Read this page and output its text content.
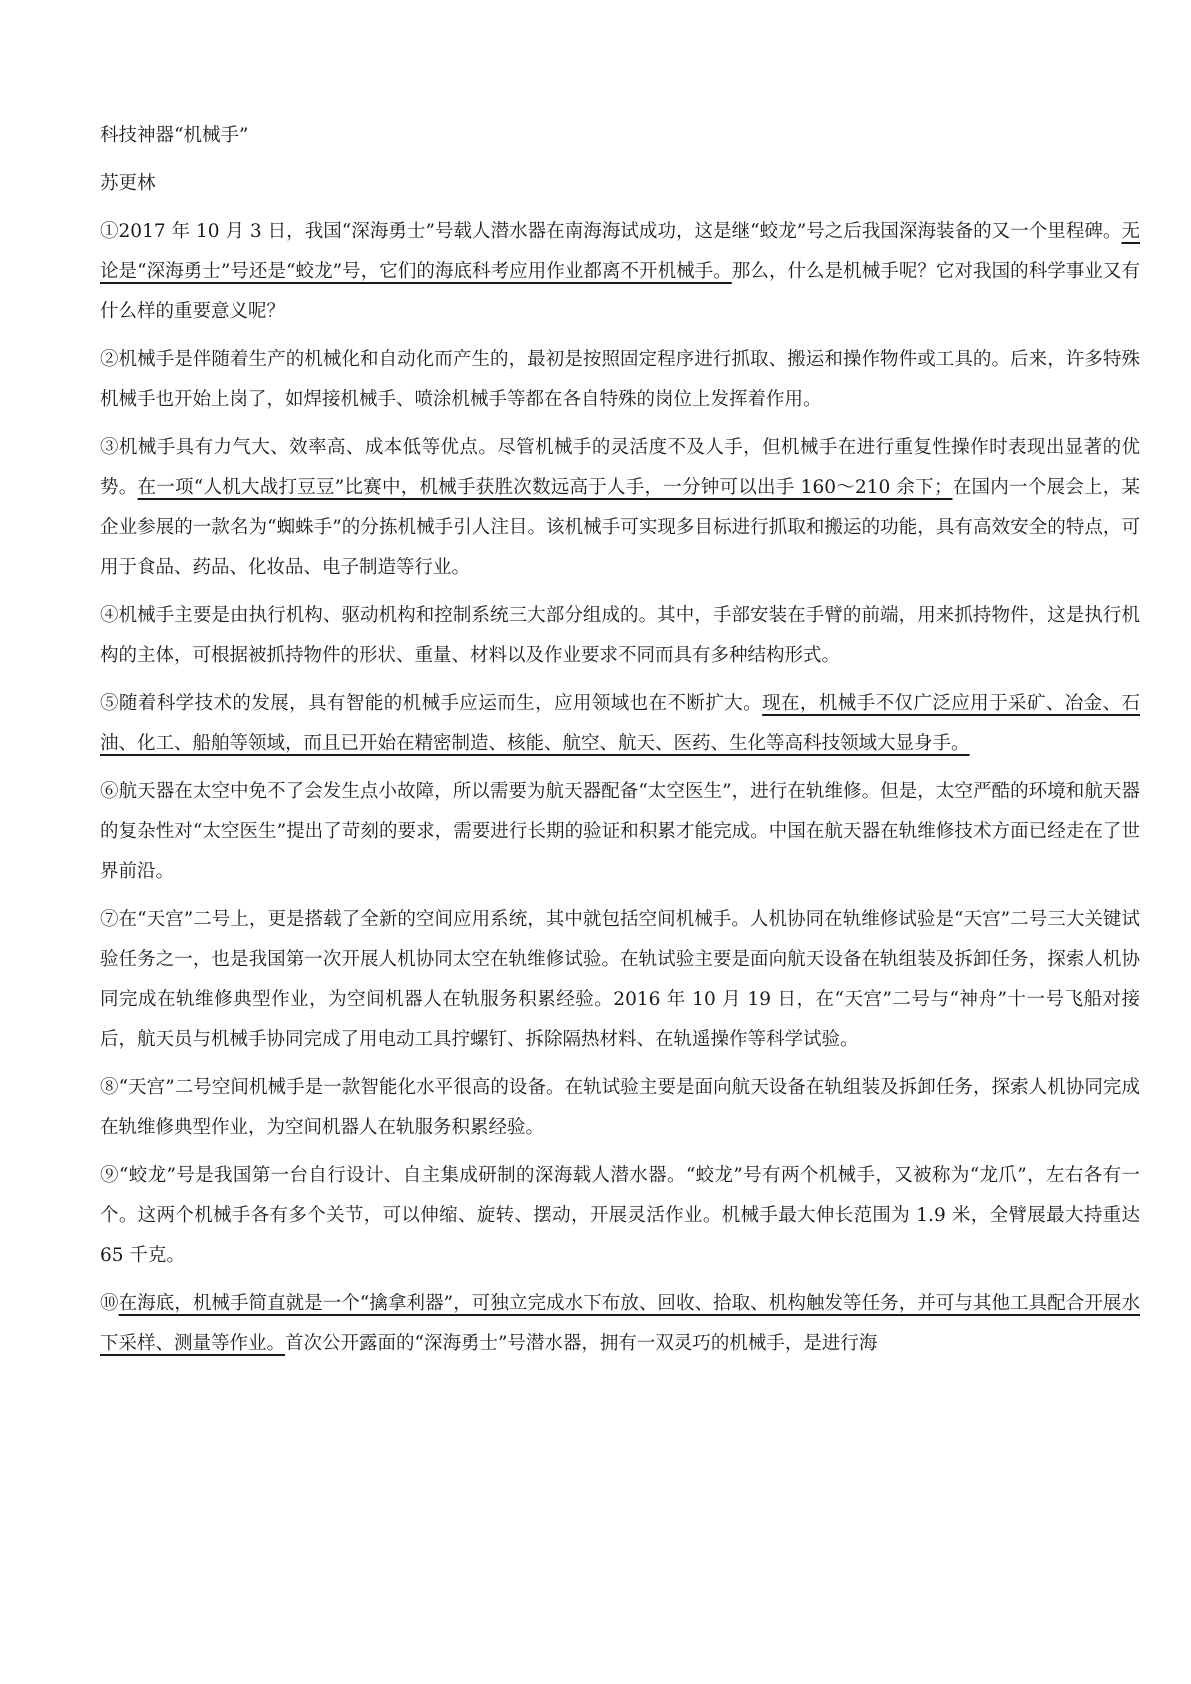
科技神器“机械手”

苏更林

①2017 年 10 月 3 日，我国“深海勇士”号载人潜水器在南海海试成功，这是继“蛟龙”号之后我国深海装备的又一个里程碑。无论是“深海勇士”号还是“蛟龙”号，它们的海底科考应用作业都离不开机械手。那么，什么是机械手呢？它对我国的科学事业又有什么样的重要意义呢？

②机械手是伴随着生产的机械化和自动化而产生的，最初是按照固定程序进行抓取、搬运和操作物件或工具的。后来，许多特殊机械手也开始上岗了，如焊接机械手、喷涂机械手等都在各自特殊的岗位上发挥着作用。

③机械手具有力气大、效率高、成本低等优点。尽管机械手的灵活度不及人手，但机械手在进行重复性操作时表现出显著的优势。在一项“人机大战打豆豆”比赛中，机械手获胜次数远高于人手，一分钟可以出手 160～210 余下；在国内一个展会上，某企业参展的一款名为“蜘蛛手”的分拣机械手引人注目。该机械手可实现多目标进行抓取和搬运的功能，具有高效安全的特点，可用于食品、药品、化妆品、电子制造等行业。

④机械手主要是由执行机构、驱动机构和控制系统三大部分组成的。其中，手部安装在手臂的前端，用来抓持物件，这是执行机构的主体，可根据被抓持物件的形状、重量、材料以及作业要求不同而具有多种结构形式。

⑤随着科学技术的发展，具有智能的机械手应运而生，应用领域也在不断扩大。现在，机械手不仅广泛应用于采矿、冶金、石油、化工、船舶等领域，而且已开始在精密制造、核能、航空、航天、医药、生化等高科技领域大显身手。

⑥航天器在太空中免不了会发生点小故障，所以需要为航天器配备“太空医生”，进行在轨维修。但是，太空严酷的环境和航天器的复杂性对“太空医生”提出了苛刻的要求，需要进行长期的验证和积累才能完成。中国在航天器在轨维修技术方面已经走在了世界前沿。

⑦在“天宫”二号上，更是搭载了全新的空间应用系统，其中就包括空间机械手。人机协同在轨维修试验是“天宫”二号三大关键试验任务之一，也是我国第一次开展人机协同太空在轨维修试验。在轨试验主要是面向航天设备在轨组装及拆卸任务，探索人机协同完成在轨维修典型作业，为空间机器人在轨服务积累经验。2016 年 10 月 19 日，在“天宫”二号与“神舟”十一号飞船对接后，航天员与机械手协同完成了用电动工具拧螺钉、拆除隔热材料、在轨遥操作等科学试验。

⑧“天宫”二号空间机械手是一款智能化水平很高的设备。在轨试验主要是面向航天设备在轨组装及拆卸任务，探索人机协同完成在轨维修典型作业，为空间机器人在轨服务积累经验。

⑨“蛟龙”号是我国第一台自行设计、自主集成研制的深海载人潜水器。“蛟龙”号有两个机械手，又被称为“龙爪”，左右各有一个。这两个机械手各有多个关节，可以伸缩、旋转、摆动，开展灵活作业。机械手最大伸长范围为 1.9 米，全臂展最大持重达 65 千克。

⑩在海底，机械手简直就是一个“擒拿利器”，可独立完成水下布放、回收、拾取、机构触发等任务，并可与其他工具配合开展水下采样、测量等作业。首次公开露面的“深海勇士”号潜水器，拥有一双灵巧的机械手，是进行海
